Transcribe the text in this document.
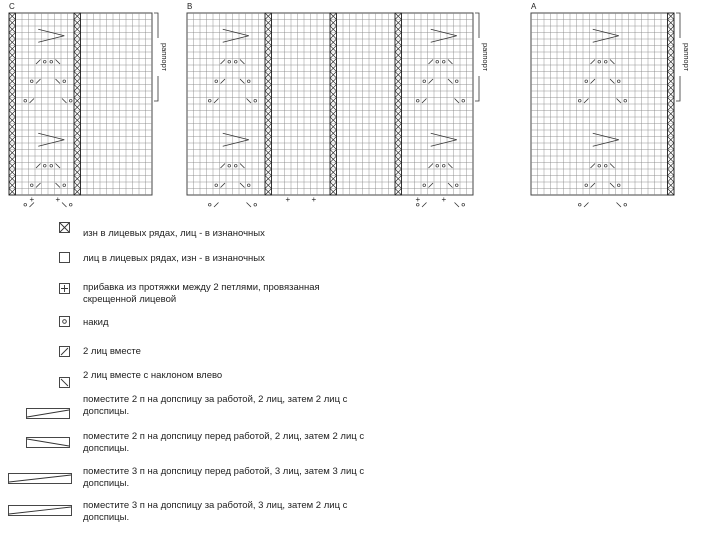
C
+	+
раппорт
B
+	+	+	+
раппорт
A
раппорт
изн в лицевых рядах, лиц - в изнаночных
лиц в лицевых рядах, изн - в изнаночных
прибавка из протяжки между 2 петлями, провязанная скрещенной лицевой
накид
2 лиц вместе
2 лиц вместе с наклоном влево
поместите 2 п на допспицу за работой, 2 лиц, затем 2 лиц с допспицы.
поместите 2 п на допспицу перед работой, 2 лиц, затем 2 лиц с допспицы.
поместите 3 п на допспицу перед работой, 3 лиц, затем 3 лиц с допспицы.
поместите 3 п на допспицу за работой, 3 лиц, затем 2 лиц с допспицы.
